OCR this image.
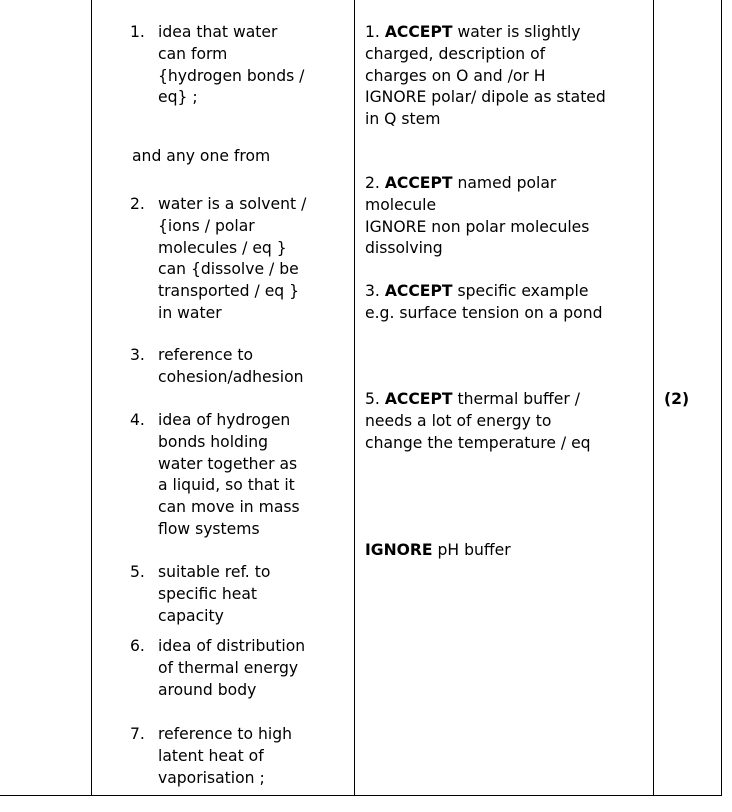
1. idea that water
can form
{hydrogen bonds /
eq} ;
and any one from
2. water is a solvent /
{ions / polar
molecules / eq }
can {dissolve / be
transported / eq }
in water
3. reference to
cohesion/adhesion
4. idea of hydrogen
bonds holding
water together as
a liquid, so that it
can move in mass
flow systems
5. suitable ref. to
specific heat
capacity
6. idea of distribution
of thermal energy
around body
7. reference to high
latent heat of
vaporisation ;
1. ACCEPT water is slightly
charged, description of
charges on O and /or H
IGNORE polar/ dipole as stated
in Q stem
2. ACCEPT named polar
molecule
IGNORE non polar molecules
dissolving
3. ACCEPT specific example
e.g. surface tension on a pond
5. ACCEPT thermal buffer /
needs a lot of energy to
change the temperature / eq
IGNORE pH buffer
(2)
